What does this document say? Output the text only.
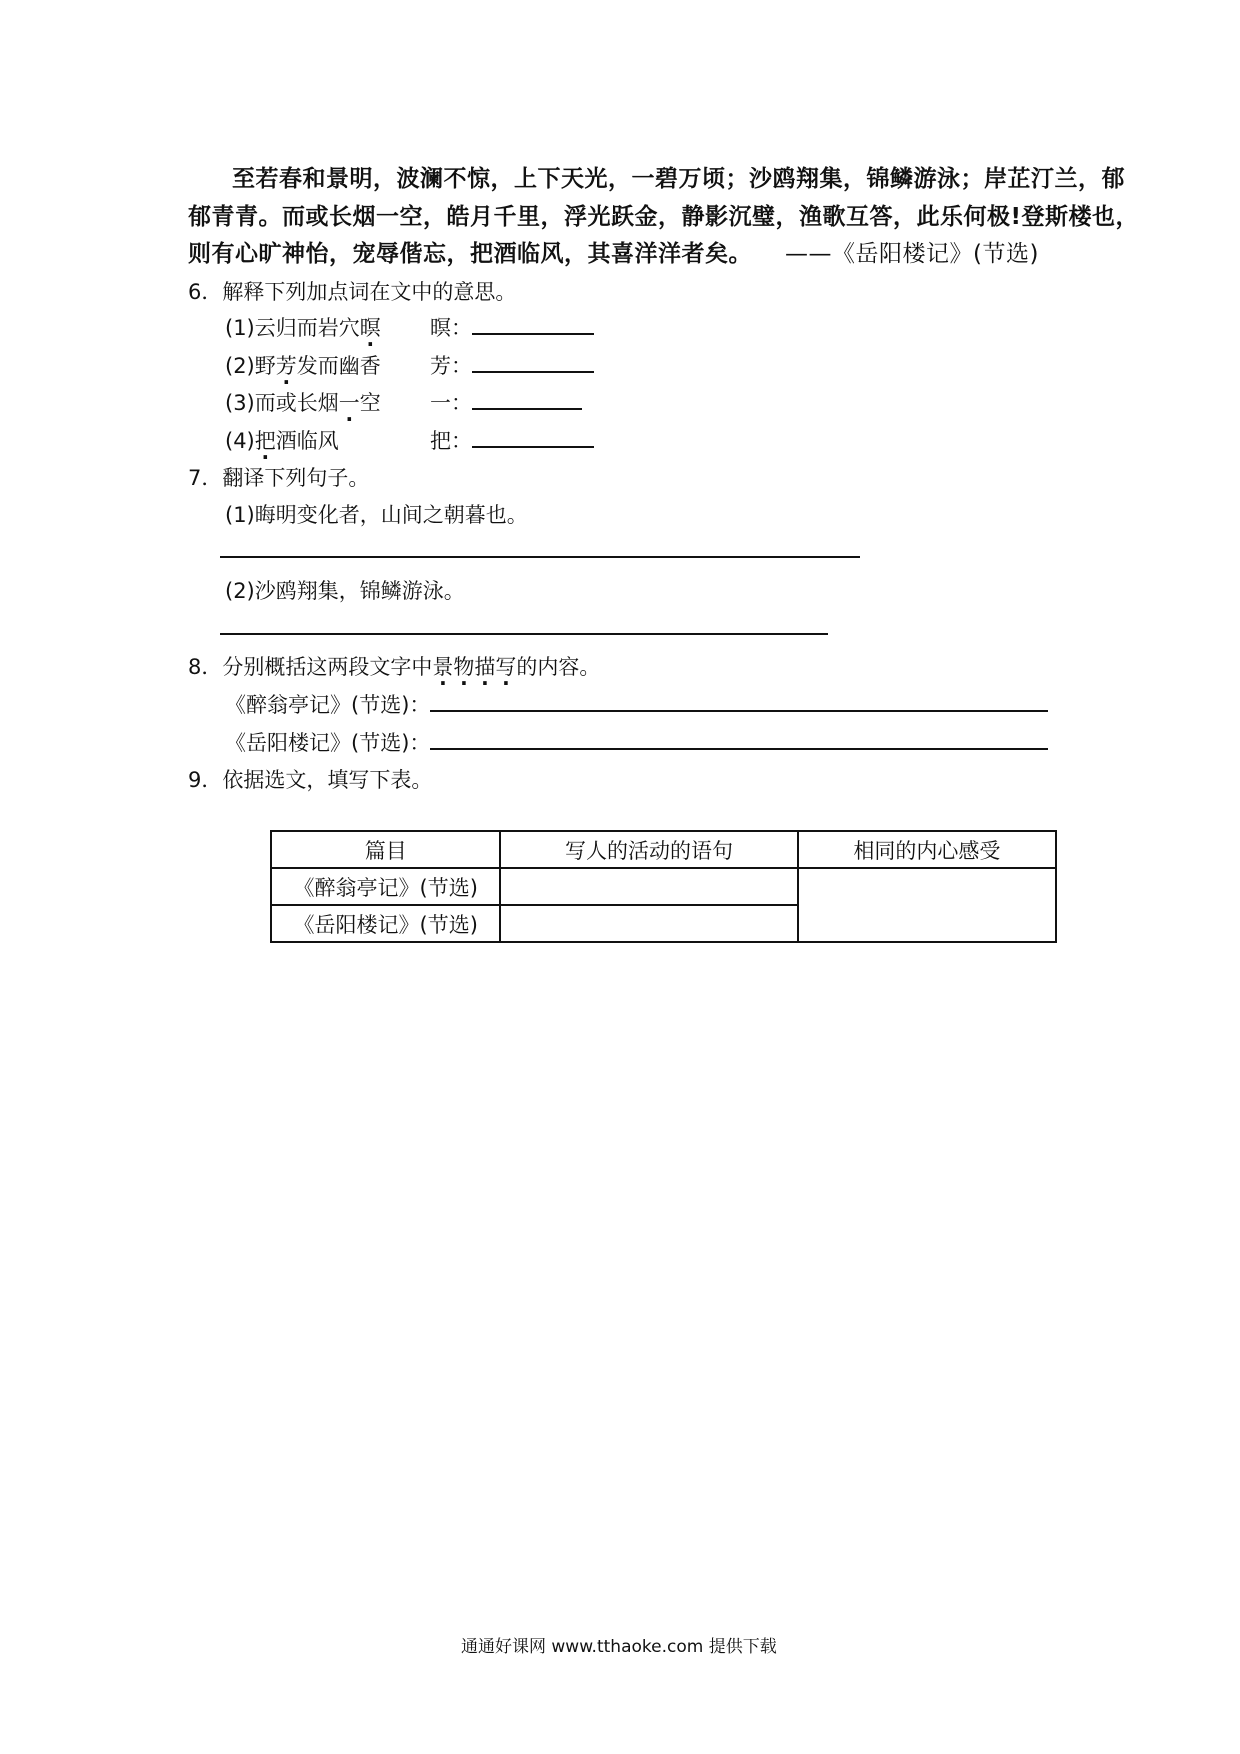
至若春和景明，波澜不惊，上下天光，一碧万顷；沙鸥翔集，锦鳞游泳；岸芷汀兰，郁
郁青青。而或长烟一空，皓月千里，浮光跃金，静影沉璧，渔歌互答，此乐何极!登斯楼也，
则有心旷神怡，宠辱偕忘，把酒临风，其喜洋洋者矣。 ——《岳阳楼记》(节选)
6．解释下列加点词在文中的意思。
(1)云归而岩穴暝 暝：
(2)野芳发而幽香 芳：
(3)而或长烟一空 一：
(4)把酒临风	把：
7．翻译下列句子。
(1)晦明变化者，山间之朝暮也。
(2)沙鸥翔集，锦鳞游泳。
8．分别概括这两段文字中景物描写的内容。
《醉翁亭记》(节选)：
《岳阳楼记》(节选)：
9．依据选文，填写下表。
篇目	写人的活动的语句	相同的内心感受
《醉翁亭记》(节选)		
《岳阳楼记》(节选)		
通通好课网 www.tthaoke.com 提供下载
